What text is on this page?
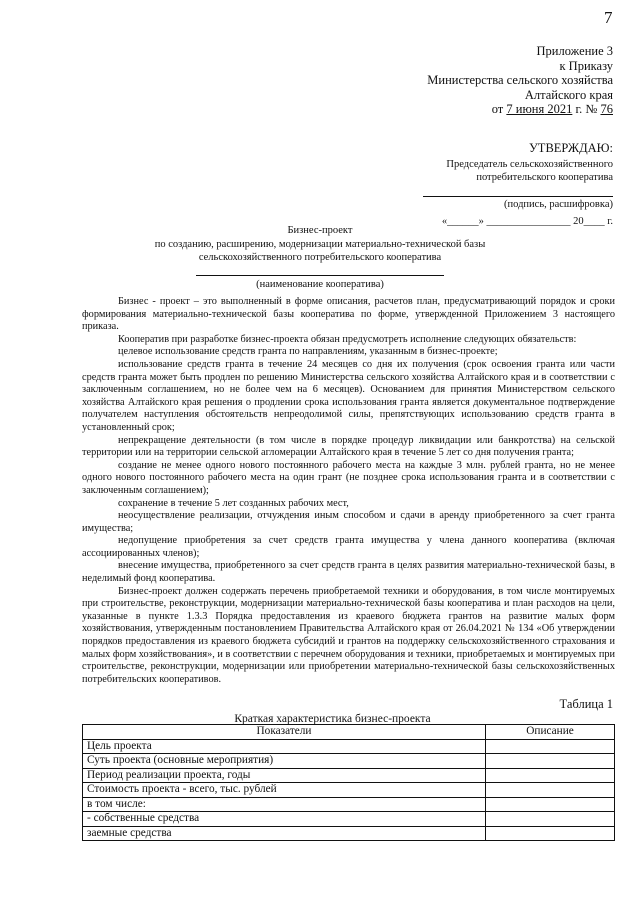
7
Приложение 3
к Приказу
Министерства сельского хозяйства
Алтайского края
от 7 июня 2021 г. № 76
УТВЕРЖДАЮ:
Председатель сельскохозяйственного
потребительского кооператива
(подпись, расшифровка)
«______» ________________ 20____ г.
Бизнес-проект
по созданию, расширению, модернизации материально-технической базы
сельскохозяйственного потребительского кооператива
(наименование кооператива)

Бизнес - проект – это выполненный в форме описания, расчетов план, предусматривающий порядок и сроки формирования материально-технической базы кооператива по форме, утвержденной Приложением 3 настоящего приказа.

Кооператив при разработке бизнес-проекта обязан предусмотреть исполнение следующих обязательств:

целевое использование средств гранта по направлениям, указанным в бизнес-проекте;

использование средств гранта в течение 24 месяцев со дня их получения (срок освоения гранта или части средств гранта может быть продлен по решению Министерства сельского хозяйства Алтайского края и в соответствии с заключенным соглашением, но не более чем на 6 месяцев). Основанием для принятия Министерством сельского хозяйства Алтайского края решения о продлении срока использования гранта является документальное подтверждение получателем наступления обстоятельств непреодолимой силы, препятствующих использованию средств гранта в установленный срок;

непрекращение деятельности (в том числе в порядке процедур ликвидации или банкротства) на сельской территории или на территории сельской агломерации Алтайского края в течение 5 лет со дня получения гранта;

создание не менее одного нового постоянного рабочего места на каждые 3 млн. рублей гранта, но не менее одного нового постоянного рабочего места на один грант (не позднее срока использования гранта и в соответствии с заключенным соглашением);

сохранение в течение 5 лет созданных рабочих мест,

неосуществление реализации, отчуждения иным способом и сдачи в аренду приобретенного за счет гранта имущества;

недопущение приобретения за счет средств гранта имущества у члена данного кооператива (включая ассоциированных членов);

внесение имущества, приобретенного за счет средств гранта в целях развития материально-технической базы, в неделимый фонд кооператива.

Бизнес-проект должен содержать перечень приобретаемой техники и оборудования, в том числе монтируемых при строительстве, реконструкции, модернизации материально-технической базы кооператива и план расходов на цели, указанные в пункте 1.3.3 Порядка предоставления из краевого бюджета грантов на развитие малых форм хозяйствования, утвержденным постановлением Правительства Алтайского края от 26.04.2021 № 134 «Об утверждении порядков предоставления из краевого бюджета субсидий и грантов на поддержку сельскохозяйственного страхования и малых форм хозяйствования», и в соответствии с перечнем оборудования и техники, приобретаемых и монтируемых при строительстве, реконструкции, модернизации или приобретении материально-технической базы сельскохозяйственных потребительских кооперативов.

Таблица 1
Краткая характеристика бизнес-проекта
Показатели	Описание
Цель проекта	
Суть проекта (основные мероприятия)	
Период реализации проекта, годы	
Стоимость проекта - всего, тыс. рублей	
в том числе:	
- собственные средства	
заемные средства	
